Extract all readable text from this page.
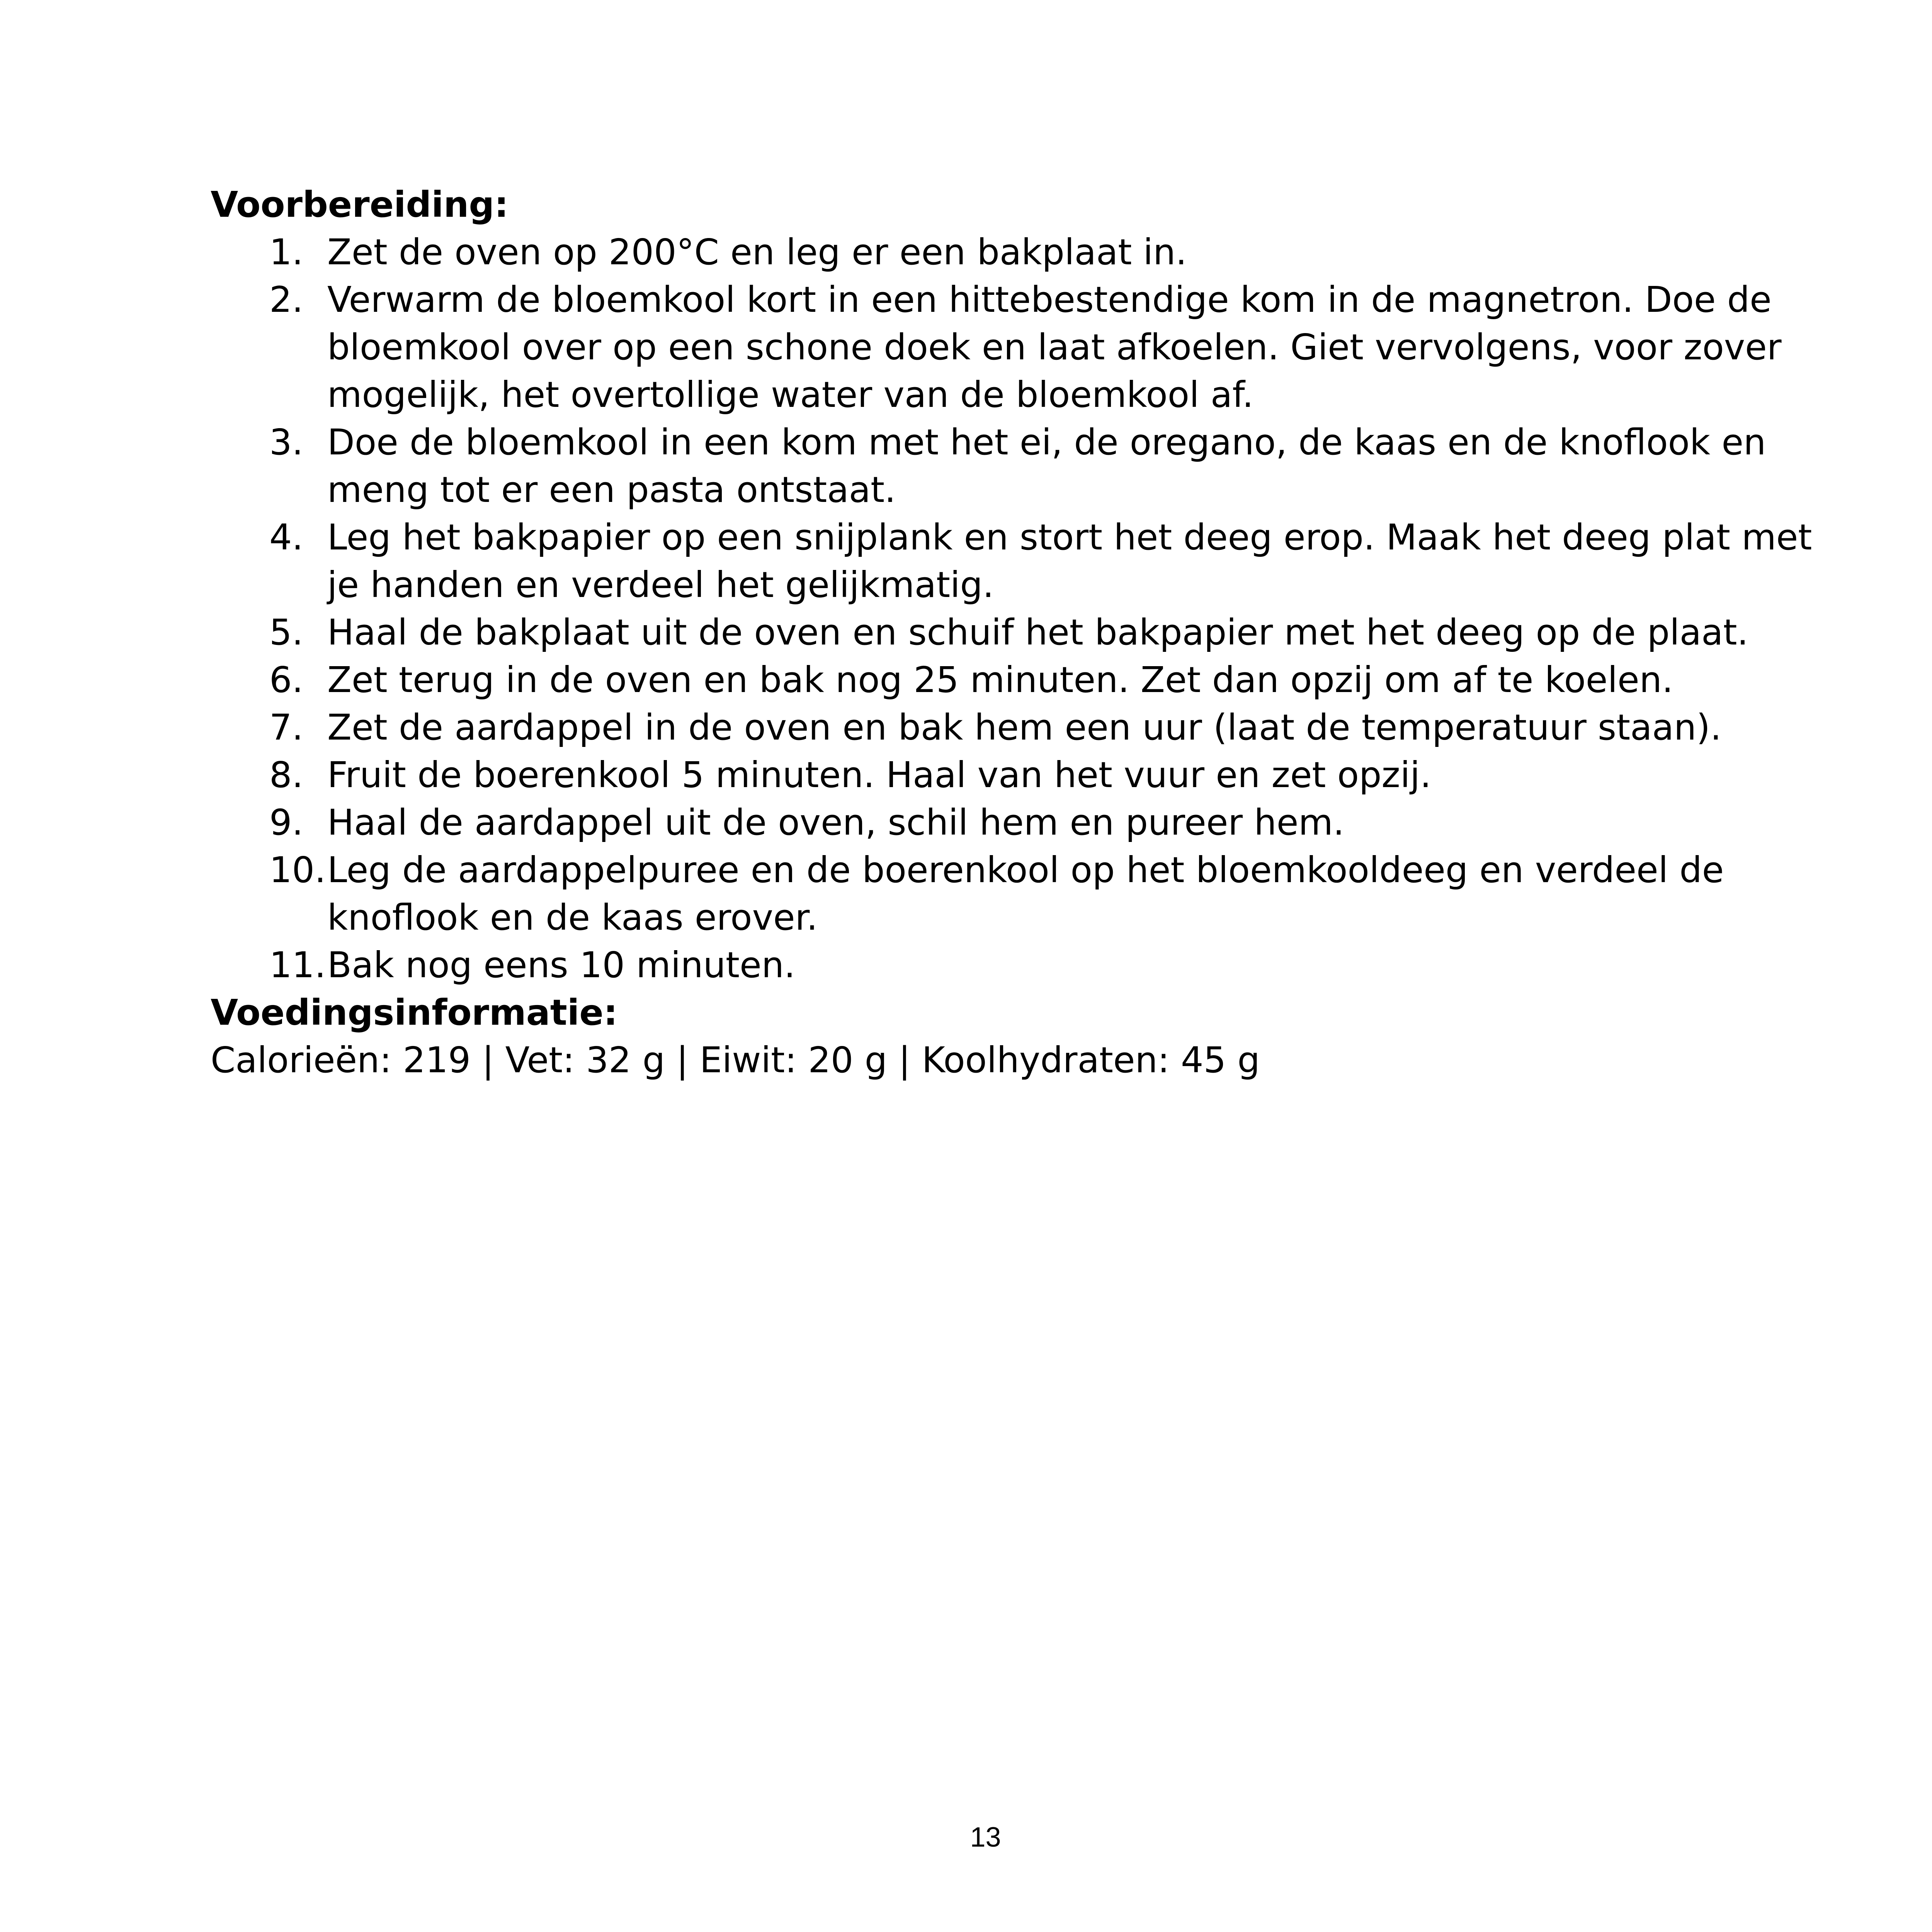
Voorbereiding:
1. Zet de oven op 200°C en leg er een bakplaat in.
2. Verwarm de bloemkool kort in een hittebestendige kom in de magnetron. Doe de bloemkool over op een schone doek en laat afkoelen. Giet vervolgens, voor zover mogelijk, het overtollige water van de bloemkool af.
3. Doe de bloemkool in een kom met het ei, de oregano, de kaas en de knoflook en meng tot er een pasta ontstaat.
4. Leg het bakpapier op een snijplank en stort het deeg erop. Maak het deeg plat met je handen en verdeel het gelijkmatig.
5. Haal de bakplaat uit de oven en schuif het bakpapier met het deeg op de plaat.
6. Zet terug in de oven en bak nog 25 minuten. Zet dan opzij om af te koelen.
7. Zet de aardappel in de oven en bak hem een uur (laat de temperatuur staan).
8. Fruit de boerenkool 5 minuten. Haal van het vuur en zet opzij.
9. Haal de aardappel uit de oven, schil hem en pureer hem.
10. Leg de aardappelpuree en de boerenkool op het bloemkooldeeg en verdeel de knoflook en de kaas erover.
11. Bak nog eens 10 minuten.
Voedingsinformatie:

Calorieën: 219 | Vet: 32 g | Eiwit: 20 g | Koolhydraten: 45 g

13
